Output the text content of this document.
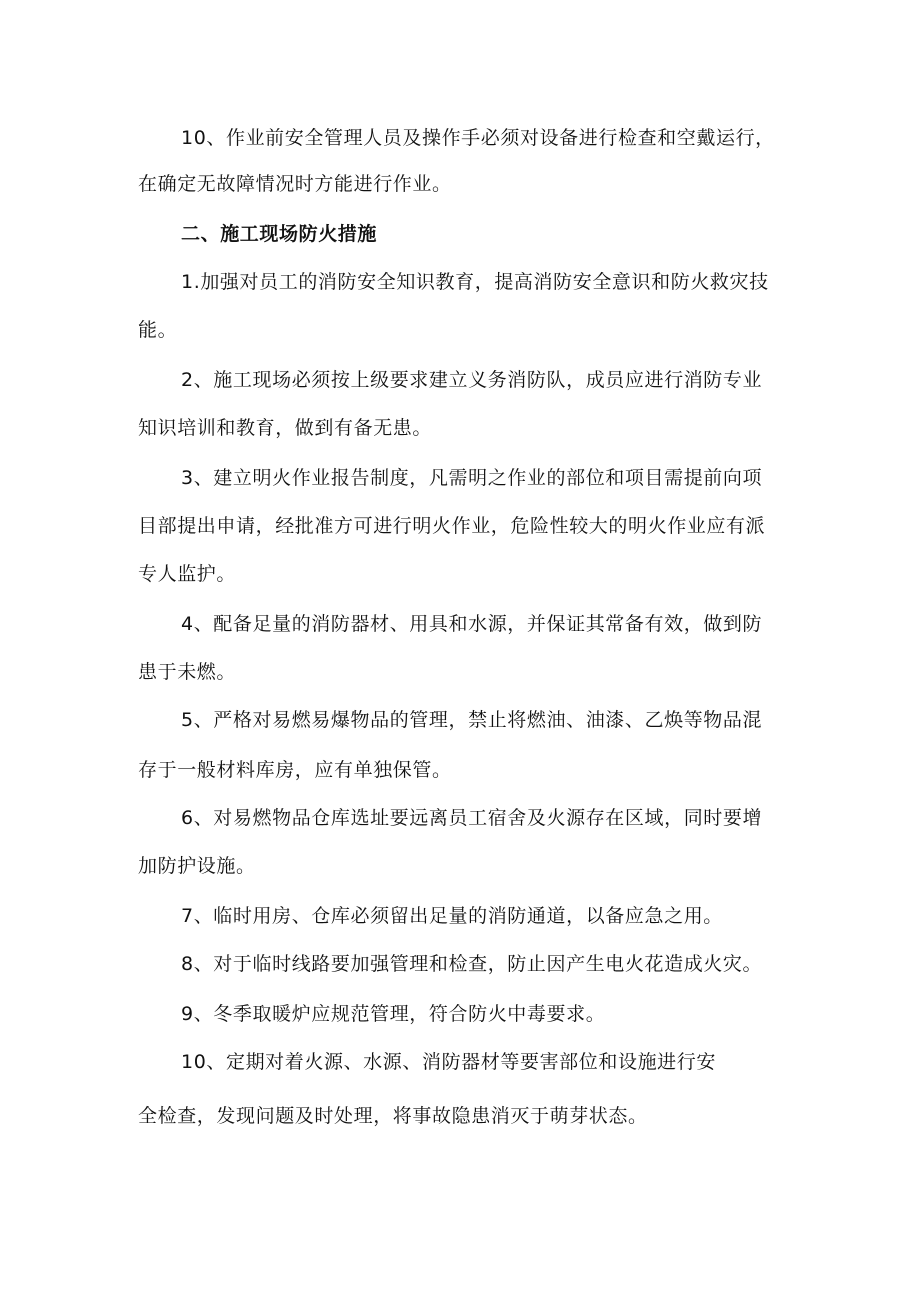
10、作业前安全管理人员及操作手必须对设备进行检查和空戴运行，
在确定无故障情况时方能进行作业。
二、施工现场防火措施
1.加强对员工的消防安全知识教育，提高消防安全意识和防火救灾技
能。
2、施工现场必须按上级要求建立义务消防队，成员应进行消防专业
知识培训和教育，做到有备无患。
3、建立明火作业报告制度，凡需明之作业的部位和项目需提前向项
目部提出申请，经批准方可进行明火作业，危险性较大的明火作业应有派
专人监护。
4、配备足量的消防器材、用具和水源，并保证其常备有效，做到防
患于未燃。
5、严格对易燃易爆物品的管理，禁止将燃油、油漆、乙焕等物品混
存于一般材料库房，应有单独保管。
6、对易燃物品仓库选址要远离员工宿舍及火源存在区域，同时要增
加防护设施。
7、临时用房、仓库必须留出足量的消防通道，以备应急之用。
8、对于临时线路要加强管理和检查，防止因产生电火花造成火灾。
9、冬季取暖炉应规范管理，符合防火中毒要求。
10、定期对着火源、水源、消防器材等要害部位和设施进行安
全检查，发现问题及时处理，将事故隐患消灭于萌芽状态。
